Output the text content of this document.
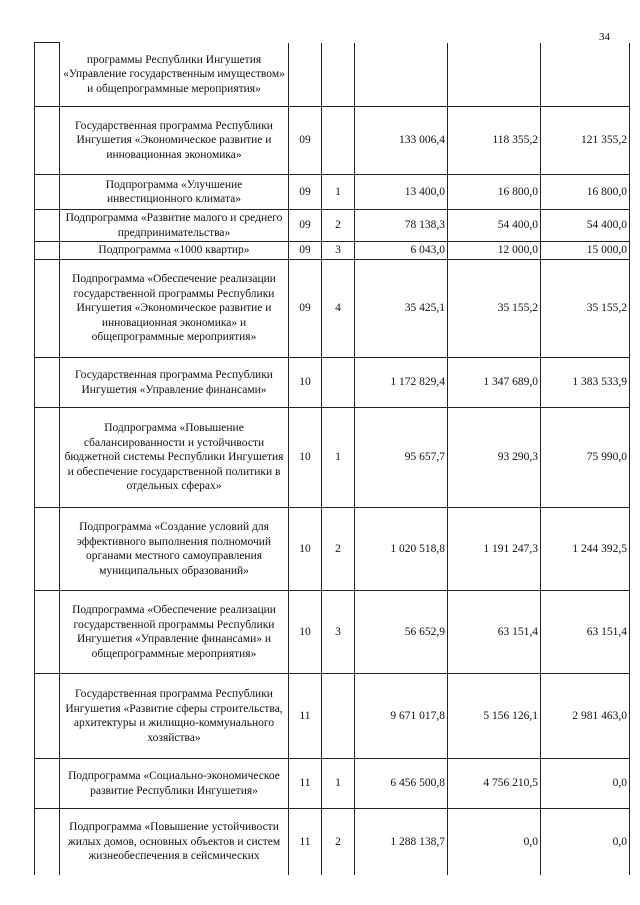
34
	программы Республики Ингушетия «Управление государственным имуществом» и общепрограммные мероприятия»					
	Государственная программа Республики Ингушетия «Экономическое развитие и инновационная экономика»	09		133 006,4	118 355,2	121 355,2
	Подпрограмма «Улучшение инвестиционного климата»	09	1	13 400,0	16 800,0	16 800,0
	Подпрограмма «Развитие малого и среднего предпринимательства»	09	2	78 138,3	54 400,0	54 400,0
	Подпрограмма «1000 квартир»	09	3	6 043,0	12 000,0	15 000,0
	Подпрограмма «Обеспечение реализации государственной программы Республики Ингушетия «Экономическое развитие и инновационная экономика» и общепрограммные мероприятия»	09	4	35 425,1	35 155,2	35 155,2
	Государственная программа Республики Ингушетия «Управление финансами»	10		1 172 829,4	1 347 689,0	1 383 533,9
	Подпрограмма «Повышение сбалансированности и устойчивости бюджетной системы Республики Ингушетия и обеспечение государственной политики в отдельных сферах»	10	1	95 657,7	93 290,3	75 990,0
	Подпрограмма «Создание условий для эффективного выполнения полномочий органами местного самоуправления муниципальных образований»	10	2	1 020 518,8	1 191 247,3	1 244 392,5
	Подпрограмма «Обеспечение реализации государственной программы Республики Ингушетия «Управление финансами» и общепрограммные мероприятия»	10	3	56 652,9	63 151,4	63 151,4
	Государственная программа Республики Ингушетия «Развитие сферы строительства, архитектуры и жилищно-коммунального хозяйства»	11		9 671 017,8	5 156 126,1	2 981 463,0
	Подпрограмма «Социально-экономическое развитие Республики Ингушетия»	11	1	6 456 500,8	4 756 210,5	0,0
	Подпрограмма «Повышение устойчивости жилых домов, основных объектов и систем жизнеобеспечения в сейсмических	11	2	1 288 138,7	0,0	0,0
